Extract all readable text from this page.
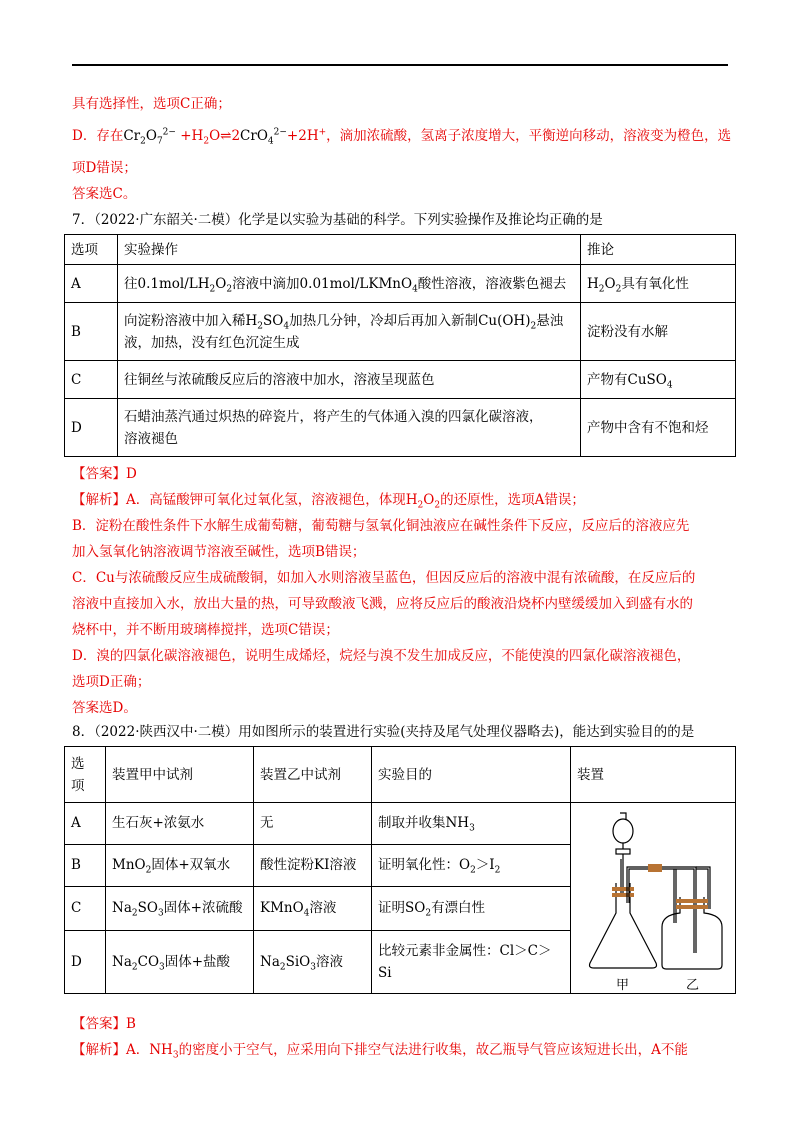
具有选择性，选项C正确；
D．存在$Cr_2O_7^{2-}$ $+H_2O\rightleftharpoons 2CrO_4^{2-}+2H^+$，滴加浓硫酸，氢离子浓度增大，平衡逆向移动，溶液变为橙色，选
项D错误；
答案选C。
7．（2022·广东韶关·二模）化学是以实验为基础的科学。下列实验操作及推论均正确的是
选项	实验操作	推论
A	往$0.1mol/LH_2O_2$溶液中滴加0.01mol/LKMnO$_4$酸性溶液，溶液紫色褪去	$H_2O_2$具有氧化性
B	向淀粉溶液中加入稀$H_2SO_4$加热几分钟，冷却后再加入新制$Cu(OH)_2$悬浊
液，加热，没有红色沉淀生成	淀粉没有水解
C	往铜丝与浓硫酸反应后的溶液中加水，溶液呈现蓝色	产物有CuSO$_4$
D	石蜡油蒸汽通过炽热的碎瓷片，将产生的气体通入溴的四氯化碳溶液，
溶液褪色	产物中含有不饱和烃
【答案】D
【解析】A．高锰酸钾可氧化过氧化氢，溶液褪色，体现$H_2O_2$的还原性，选项A错误；
B．淀粉在酸性条件下水解生成葡萄糖，葡萄糖与氢氧化铜浊液应在碱性条件下反应，反应后的溶液应先
加入氢氧化钠溶液调节溶液至碱性，选项B错误；
C．Cu与浓硫酸反应生成硫酸铜，如加入水则溶液呈蓝色，但因反应后的溶液中混有浓硫酸，在反应后的
溶液中直接加入水，放出大量的热，可导致酸液飞溅，应将反应后的酸液沿烧杯内壁缓缓加入到盛有水的
烧杯中，并不断用玻璃棒搅拌，选项C错误；
D．溴的四氯化碳溶液褪色，说明生成烯烃，烷烃与溴不发生加成反应，不能使溴的四氯化碳溶液褪色，
选项D正确；
答案选D。
8．（2022·陕西汉中·二模）用如图所示的装置进行实验(夹持及尾气处理仪器略去)，能达到实验目的的是
选
项	装置甲中试剂	装置乙中试剂	实验目的	装置
A	生石灰+浓氨水	无	制取并收集$NH_3$	甲 乙

B	MnO$_2$固体+双氧水	酸性淀粉KI溶液	证明氧化性：$O_2>I_2$
C	$Na_2SO_3$固体+浓硫酸	KMnO$_4$溶液	证明$SO_2$有漂白性	
D	$Na_2CO_3$固体+盐酸	$Na_2SiO_3$溶液	比较元素非金属性：Cl＞C＞Si	
【答案】B
【解析】A．$NH_3$的密度小于空气，应采用向下排空气法进行收集，故乙瓶导气管应该短进长出，A不能
